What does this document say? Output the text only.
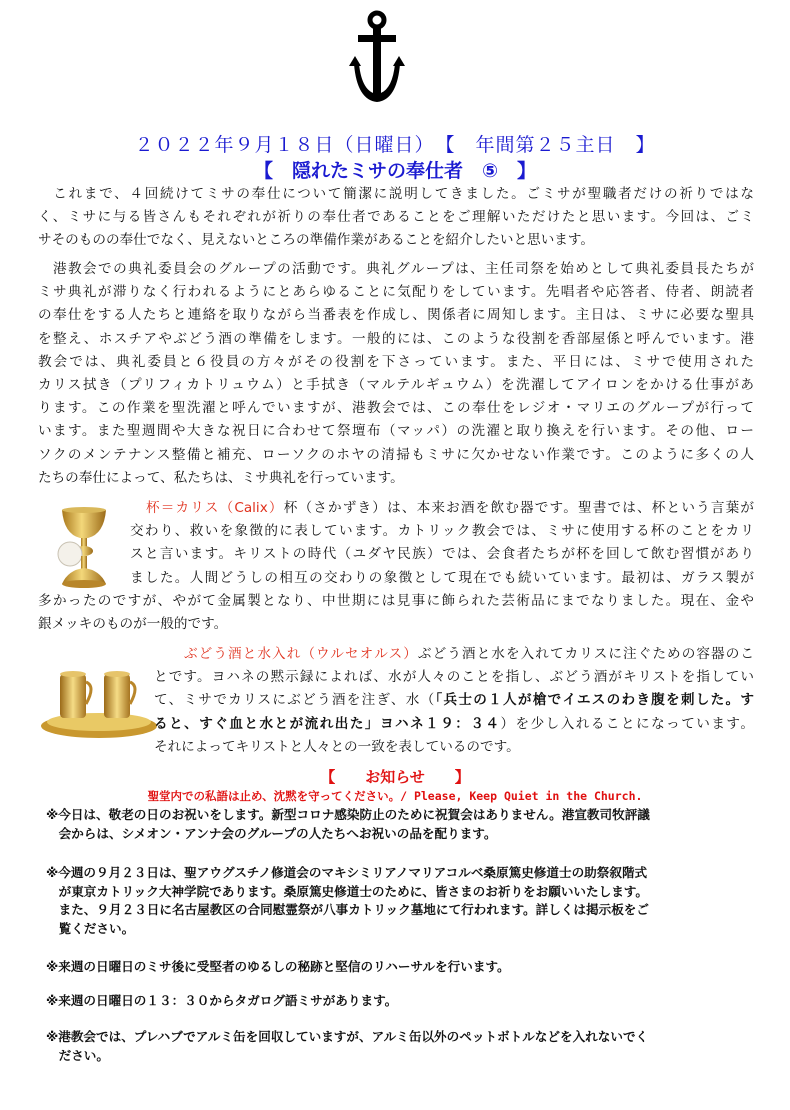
２０２２年９月１８日（日曜日）　【　年間第２５主日　】
【　隠れたミサの奉仕者　⑤　】
　これまで、４回続けてミサの奉仕について簡潔に説明してきました。ごミサが聖職者だけの祈りではな
く、ミサに与る皆さんもそれぞれが祈りの奉仕者であることをご理解いただけたと思います。今回は、ごミ
サそのものの奉仕でなく、見えないところの準備作業があることを紹介したいと思います。
　港教会での典礼委員会のグループの活動です。典礼グループは、主任司祭を始めとして典礼委員長たちが
ミサ典礼が滞りなく行われるようにとあらゆることに気配りをしています。先唱者や応答者、侍者、朗読者
の奉仕をする人たちと連絡を取りながら当番表を作成し、関係者に周知します。主日は、ミサに必要な聖具
を整え、ホスチアやぶどう酒の準備をします。一般的には、このような役割を香部屋係と呼んでいます。港
教会では、典礼委員と６役員の方々がその役割を下さっています。また、平日には、ミサで使用された
カリス拭き（プリフィカトリュウム）と手拭き（マルテルギュウム）を洗濯してアイロンをかける仕事があ
ります。この作業を聖洗濯と呼んでいますが、港教会では、この奉仕をレジオ・マリエのグループが行って
います。また聖週間や大きな祝日に合わせて祭壇布（マッパ）の洗濯と取り換えを行います。その他、ロー
ソクのメンテナンス整備と補充、ローソクのホヤの清掃もミサに欠かせない作業です。このように多くの人
たちの奉仕によって、私たちは、ミサ典礼を行っています。
杯＝カリス（Calix）杯（さかずき）は、本来お酒を飲む器です。聖書では、杯という言葉が
交わり、救いを象徴的に表しています。カトリック教会では、ミサに使用する杯のことをカリ
スと言います。キリストの時代（ユダヤ民族）では、会食者たちが杯を回して飲む習慣があり
ました。人間どうしの相互の交わりの象徴として現在でも続いています。最初は、ガラス製が
多かったのですが、やがて金属製となり、中世期には見事に飾られた芸術品にまでなりました。現在、金や
銀メッキのものが一般的です。
ぶどう酒と水入れ（ウルセオルス）ぶどう酒と水を入れてカリスに注ぐための容器のこ
とです。ヨハネの黙示録によれば、水が人々のことを指し、ぶどう酒がキリストを指してい
て、ミサでカリスにぶどう酒を注ぎ、水（「兵士の１人が槍でイエスのわき腹を刺した。す
ると、すぐ血と水とが流れ出た」ヨハネ１９：３４）を少し入れることになっています。
それによってキリストと人々との一致を表しているのです。
【　　お知らせ　　】
聖堂内での私語は止め、沈黙を守ってください。/ Please, Keep Quiet in the Church.
※今日は、敬老の日のお祝いをします。新型コロナ感染防止のために祝賀会はありません。港宣教司牧評議
　会からは、シメオン・アンナ会のグループの人たちへお祝いの品を配ります。
※今週の９月２３日は、聖アウグスチノ修道会のマキシミリアノマリアコルベ桑原篤史修道士の助祭叙階式
　が東京カトリック大神学院であります。桑原篤史修道士のために、皆さまのお祈りをお願いいたします。
　また、９月２３日に名古屋教区の合同慰霊祭が八事カトリック墓地にて行われます。詳しくは掲示板をご
　覧ください。
※来週の日曜日のミサ後に受堅者のゆるしの秘跡と堅信のリハーサルを行います。
※来週の日曜日の１３：３０からタガログ語ミサがあります。
※港教会では、プレハブでアルミ缶を回収していますが、アルミ缶以外のペットボトルなどを入れないでく
　ださい。
